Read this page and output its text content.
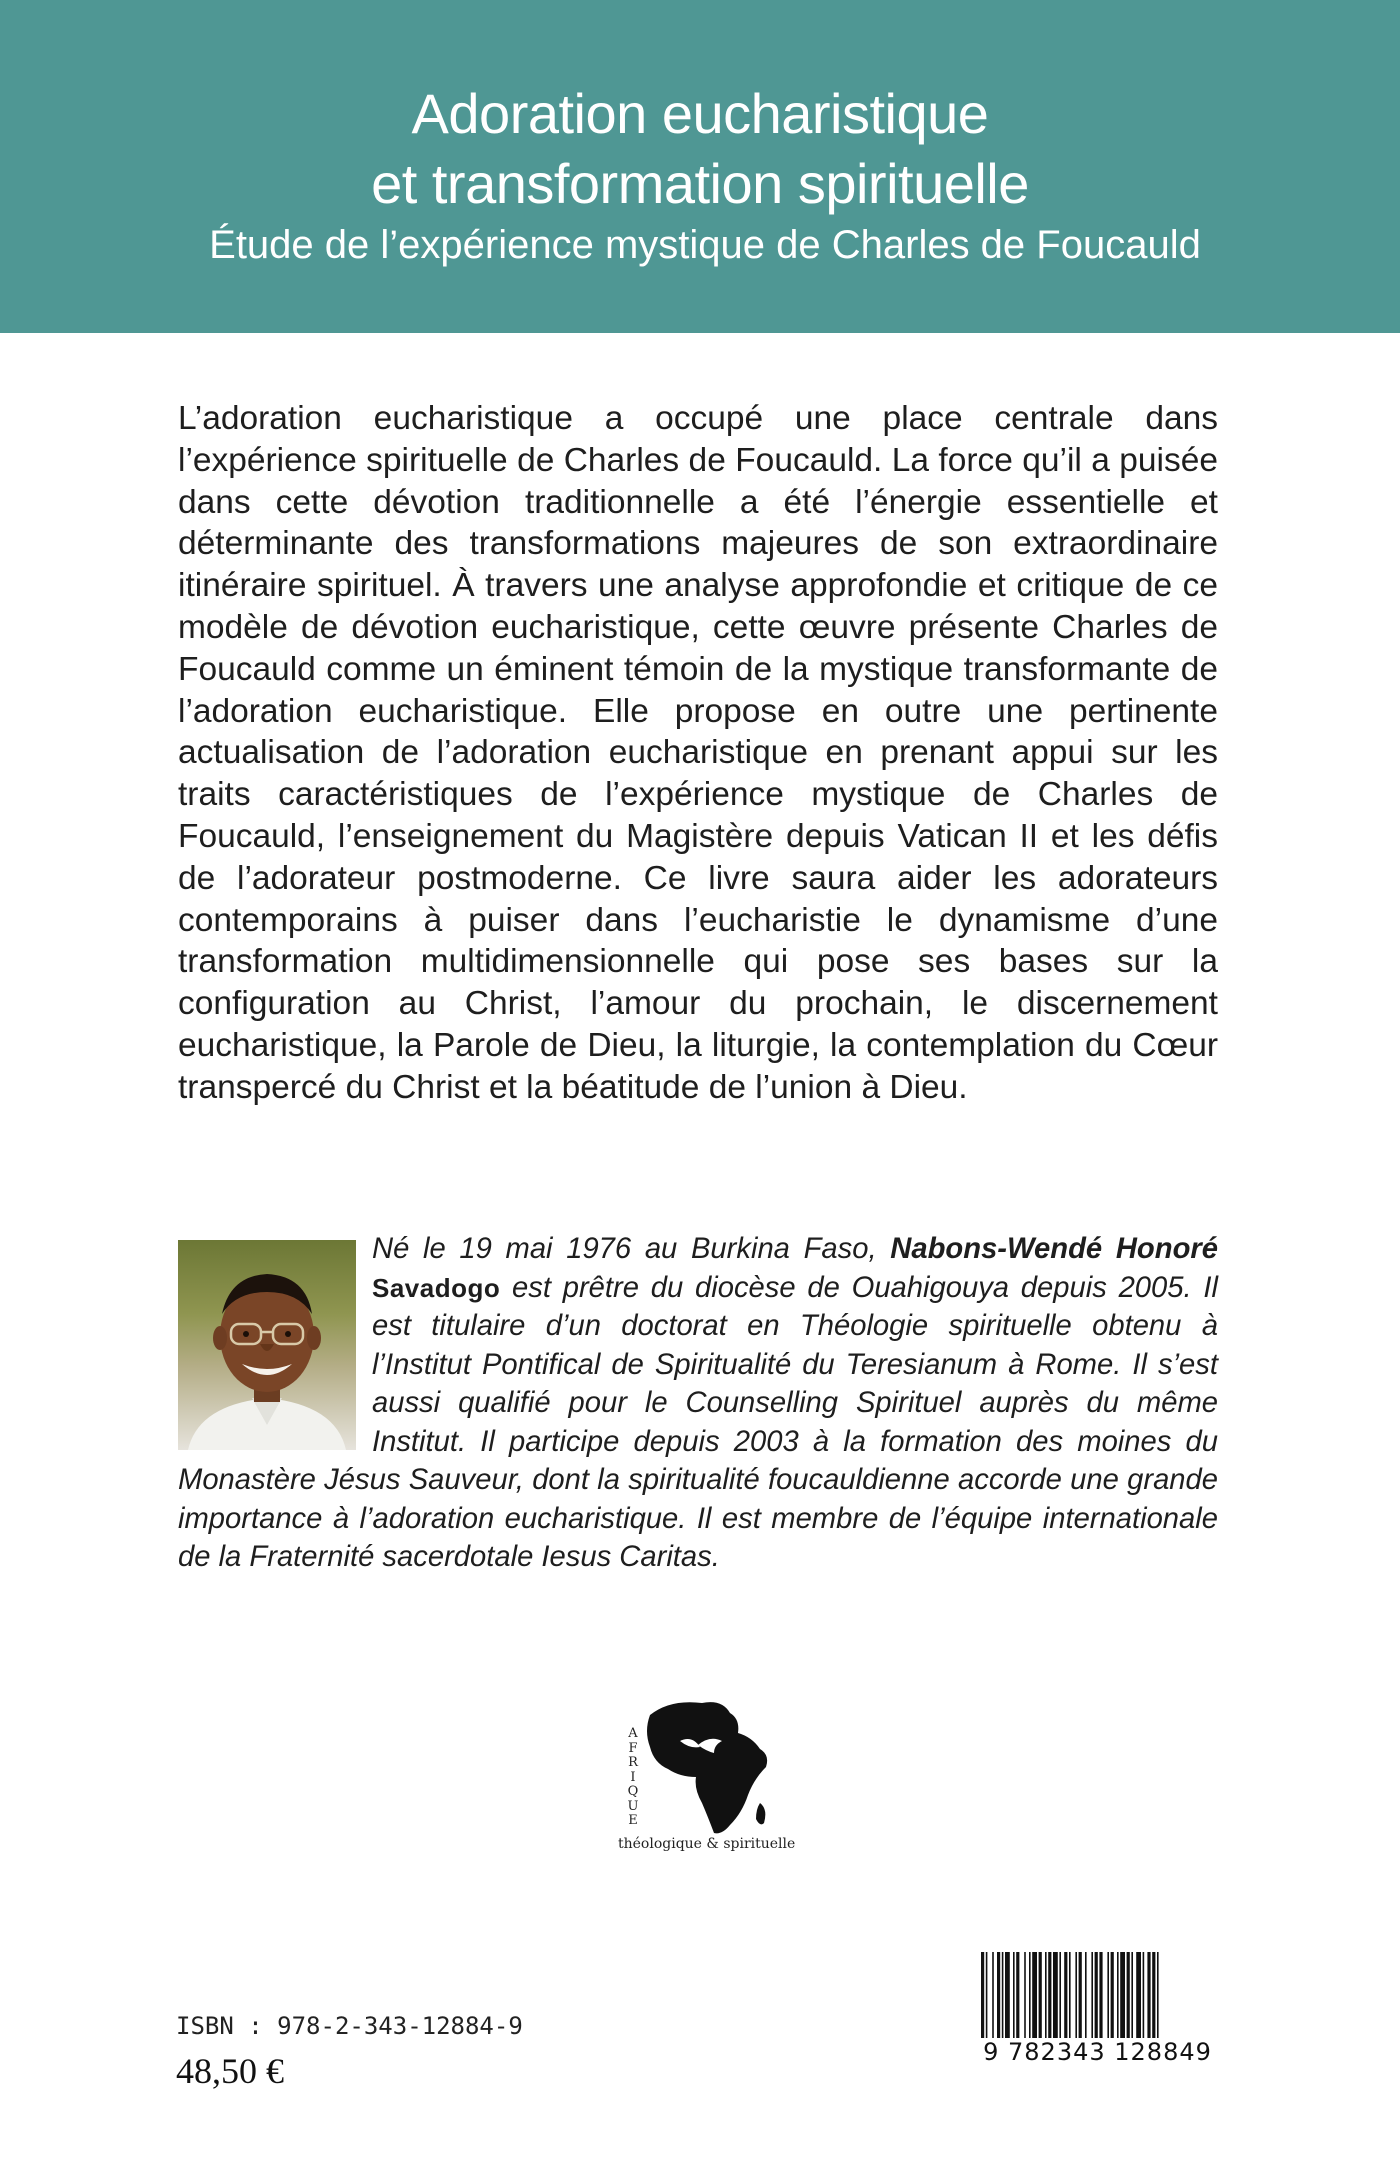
Adoration eucharistique
et transformation spirituelle
Étude de l’expérience mystique de Charles de Foucauld

L’adoration eucharistique a occupé une place centrale dans l’expérience spirituelle de Charles de Foucauld. La force qu’il a puisée dans cette dévotion traditionnelle a été l’énergie essentielle et déterminante des transformations majeures de son extraordinaire itinéraire spirituel. À travers une analyse approfondie et critique de ce modèle de dévotion eucharistique, cette œuvre présente Charles de Foucauld comme un éminent témoin de la mystique transformante de l’adoration eucharistique. Elle propose en outre une pertinente actualisation de l’adoration eucharistique en prenant appui sur les traits caractéristiques de l’expérience mystique de Charles de Foucauld, l’enseignement du Magistère depuis Vatican II et les défis de l’adorateur postmoderne. Ce livre saura aider les adorateurs contemporains à puiser dans l’eucharistie le dynamisme d’une transformation multidimensionnelle qui pose ses bases sur la configuration au Christ, l’amour du prochain, le discernement eucharistique, la Parole de Dieu, la liturgie, la contemplation du Cœur transpercé du Christ et la béatitude de l’union à Dieu.

Né le 19 mai 1976 au Burkina Faso, Nabons-Wendé Honoré Savadogo est prêtre du diocèse de Ouahigouya depuis 2005. Il est titulaire d’un doctorat en Théologie spirituelle obtenu à l’Institut Pontifical de Spiritualité du Teresianum à Rome. Il s’est aussi qualifié pour le Counselling Spirituel auprès du même Institut. Il participe depuis 2003 à la formation des moines du Monastère Jésus Sauveur, dont la spiritualité foucauldienne accorde une grande importance à l’adoration eucharistique. Il est membre de l’équipe internationale de la Fraternité sacerdotale Iesus Caritas.

AFRIQUE
théologique & spirituelle
ISBN : 978-2-343-12884-9
48,50 €	9 782343 128849
